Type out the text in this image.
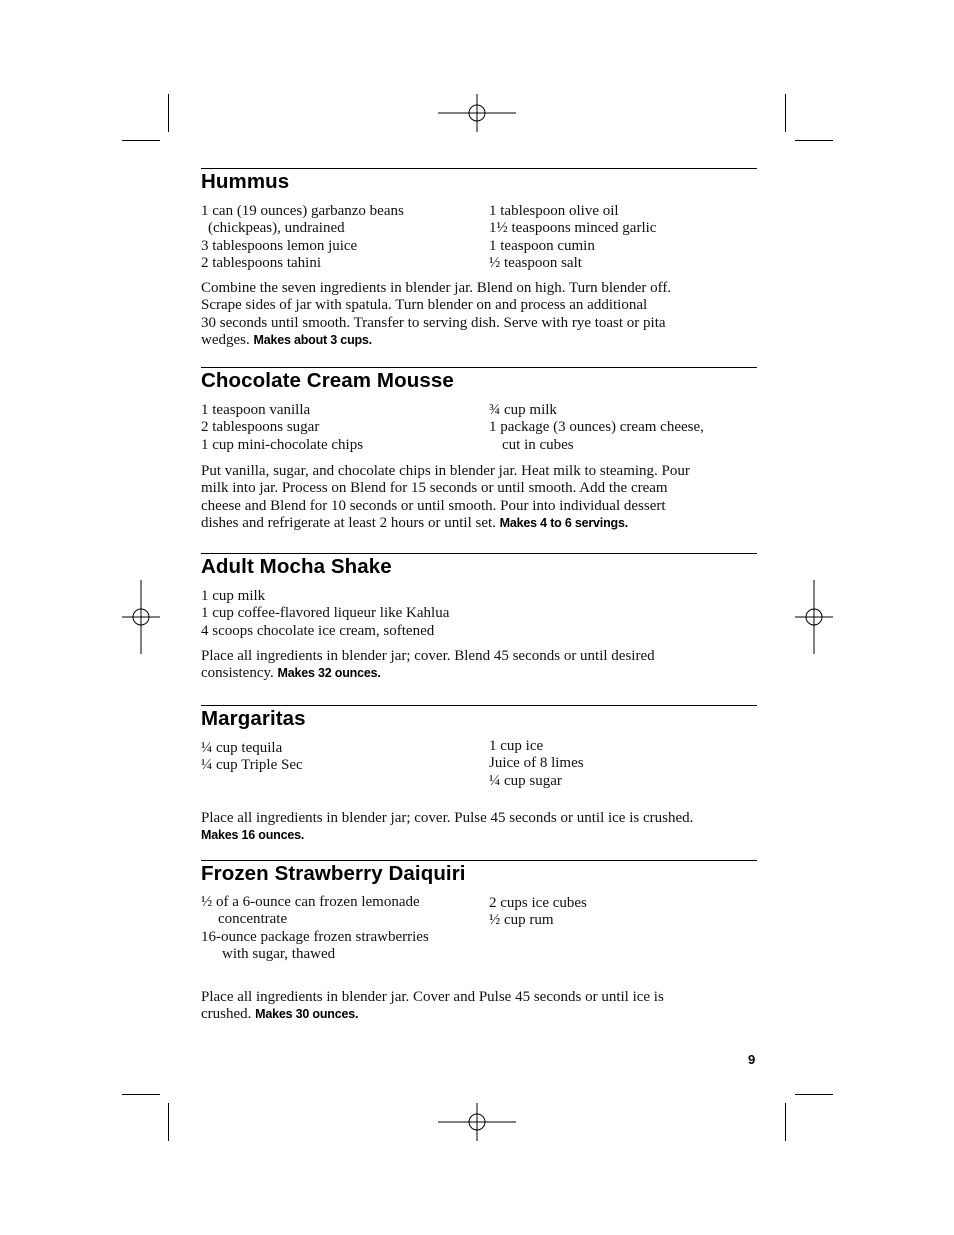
Hummus
1 can (19 ounces) garbanzo beans
(chickpeas), undrained
3 tablespoons lemon juice
2 tablespoons tahini
1 tablespoon olive oil
1½ teaspoons minced garlic
1 teaspoon cumin
½ teaspoon salt
Combine the seven ingredients in blender jar. Blend on high. Turn blender off.
Scrape sides of jar with spatula. Turn blender on and process an additional
30 seconds until smooth. Transfer to serving dish. Serve with rye toast or pita
wedges. Makes about 3 cups.
Chocolate Cream Mousse
1 teaspoon vanilla
2 tablespoons sugar
1 cup mini-chocolate chips
¾ cup milk
1 package (3 ounces) cream cheese,
cut in cubes
Put vanilla, sugar, and chocolate chips in blender jar. Heat milk to steaming. Pour
milk into jar. Process on Blend for 15 seconds or until smooth. Add the cream
cheese and Blend for 10 seconds or until smooth. Pour into individual dessert
dishes and refrigerate at least 2 hours or until set. Makes 4 to 6 servings.
Adult Mocha Shake
1 cup milk
1 cup coffee-flavored liqueur like Kahlua
4 scoops chocolate ice cream, softened
Place all ingredients in blender jar; cover. Blend 45 seconds or until desired
consistency. Makes 32 ounces.
Margaritas
¼ cup tequila
¼ cup Triple Sec
1 cup ice
Juice of 8 limes
¼ cup sugar
Place all ingredients in blender jar; cover. Pulse 45 seconds or until ice is crushed.
Makes 16 ounces.
Frozen Strawberry Daiquiri
½ of a 6-ounce can frozen lemonade
concentrate
16-ounce package frozen strawberries
with sugar, thawed
2 cups ice cubes
½ cup rum
Place all ingredients in blender jar. Cover and Pulse 45 seconds or until ice is
crushed. Makes 30 ounces.
9
